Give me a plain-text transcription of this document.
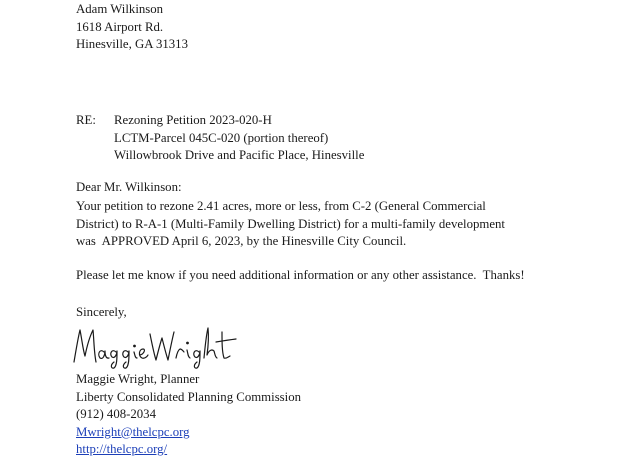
Adam Wilkinson
1618 Airport Rd.
Hinesville, GA 31313
RE: Rezoning Petition 2023-020-H
LCTM-Parcel 045C-020 (portion thereof)
Willowbrook Drive and Pacific Place, Hinesville
Dear Mr. Wilkinson:
Your petition to rezone 2.41 acres, more or less, from C-2 (General Commercial
District) to R-A-1 (Multi-Family Dwelling District) for a multi-family development
was  APPROVED April 6, 2023, by the Hinesville City Council.
Please let me know if you need additional information or any other assistance.  Thanks!
Sincerely,
Maggie Wright, Planner
Liberty Consolidated Planning Commission
(912) 408-2034
Mwright@thelcpc.org
http://thelcpc.org/
